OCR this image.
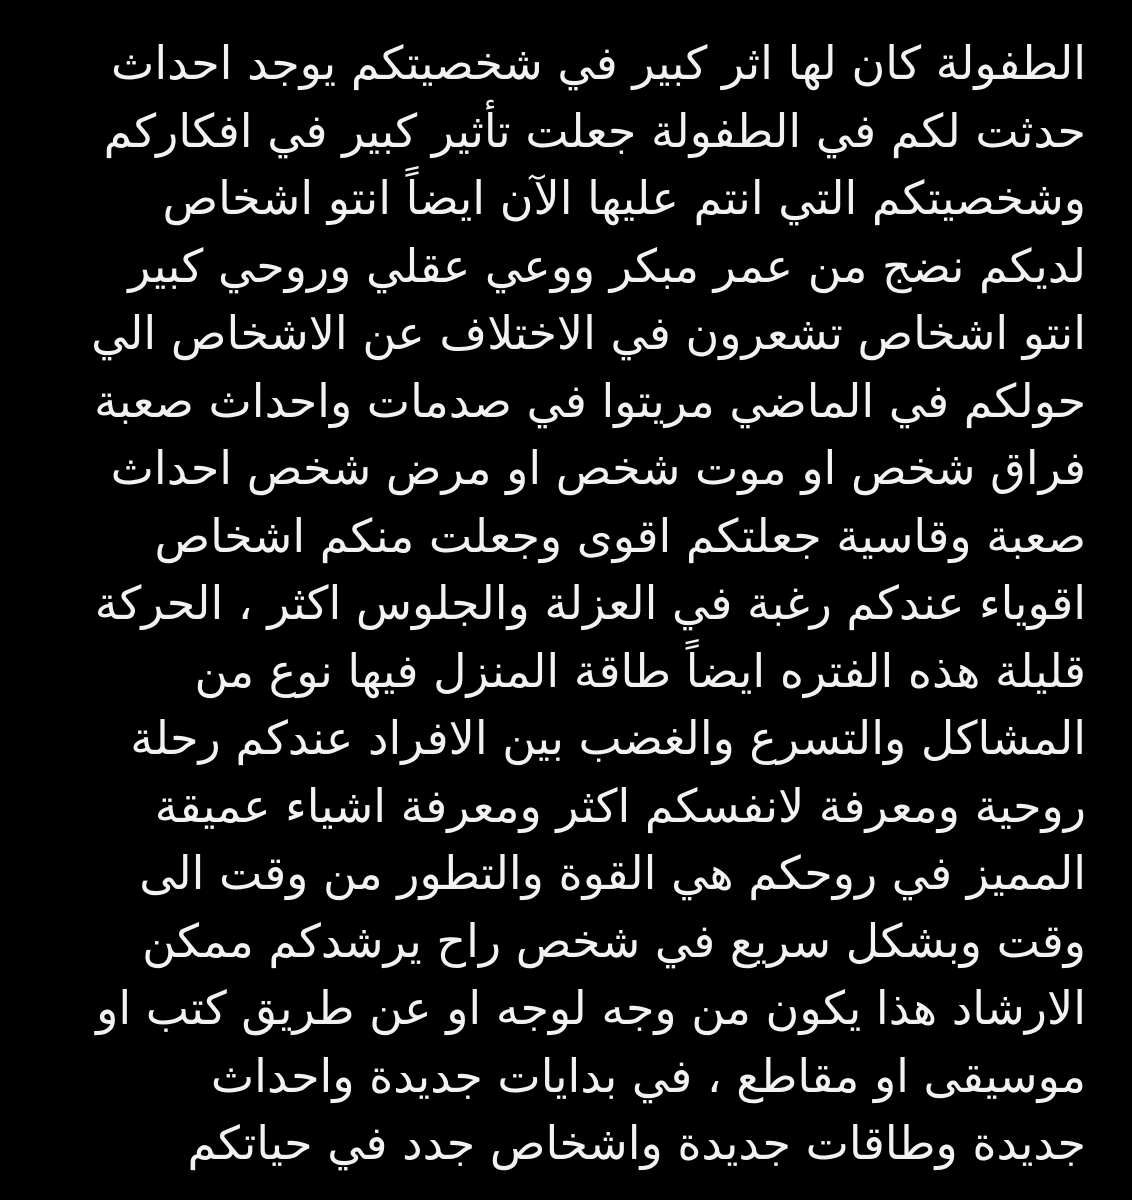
الطفولة كان لها اثر كبير في شخصيتكم يوجد احداث
حدثت لكم في الطفولة جعلت تأثير كبير في افكاركم
وشخصيتكم التي انتم عليها الآن ايضاً انتو اشخاص
لديكم نضج من عمر مبكر ووعي عقلي وروحي كبير
انتو اشخاص تشعرون في الاختلاف عن الاشخاص الي
حولكم في الماضي مريتوا في صدمات واحداث صعبة
فراق شخص او موت شخص او مرض شخص احداث
صعبة وقاسية جعلتكم اقوى وجعلت منكم اشخاص
اقوياء عندكم رغبة في العزلة والجلوس اكثر ، الحركة
قليلة هذه الفتره ايضاً طاقة المنزل فيها نوع من
المشاكل والتسرع والغضب بين الافراد عندكم رحلة
روحية ومعرفة لانفسكم اكثر ومعرفة اشياء عميقة
المميز في روحكم هي القوة والتطور من وقت الى
وقت وبشكل سريع في شخص راح يرشدكم ممكن
الارشاد هذا يكون من وجه لوجه او عن طريق كتب او
موسيقى او مقاطع ، في بدايات جديدة واحداث
جديدة وطاقات جديدة واشخاص جدد في حياتكم
